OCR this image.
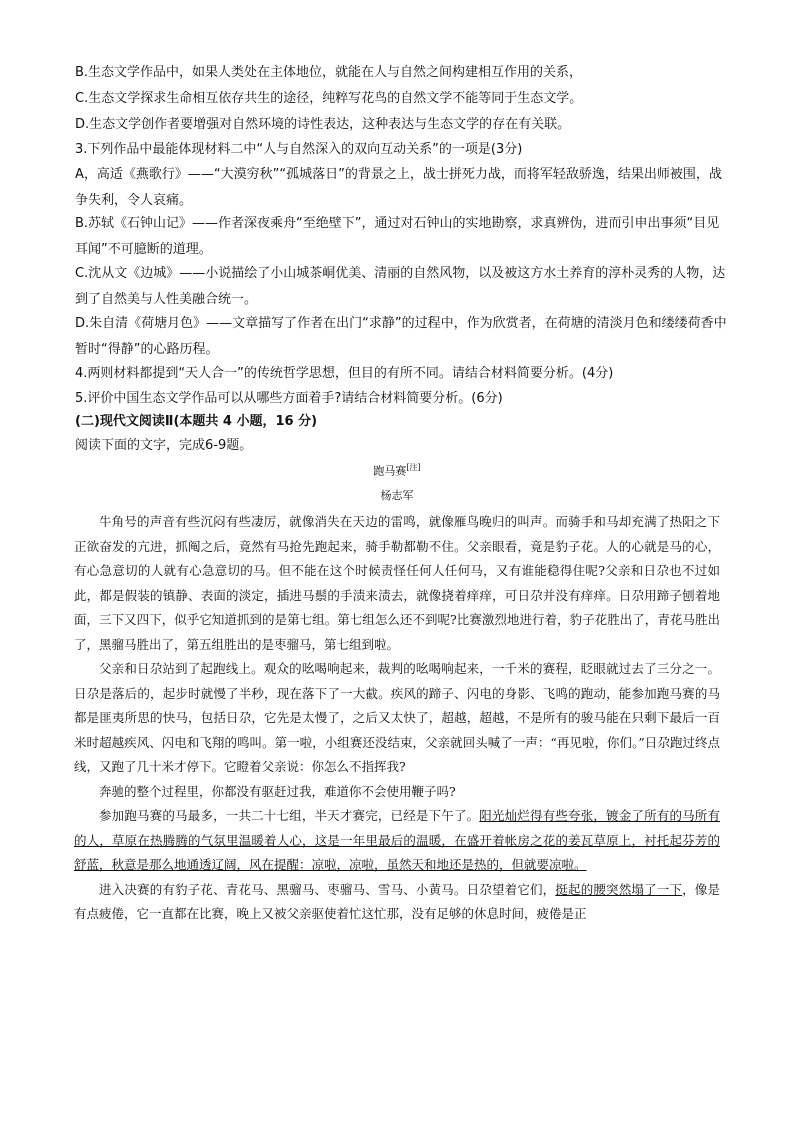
B.生态文学作品中，如果人类处在主体地位，就能在人与自然之间构建相互作用的关系，
C.生态文学探求生命相互依存共生的途径，纯粹写花鸟的自然文学不能等同于生态文学。
D.生态文学创作者要增强对自然环境的诗性表达，这种表达与生态文学的存在有关联。
3.下列作品中最能体现材料二中“人与自然深入的双向互动关系”的一项是(3分)
A，高适《燕歌行》——“大漠穷秋”“孤城落日”的背景之上，战士拼死力战，而将军轻敌骄逸，结果出师被围，战争失利，令人哀痛。
B.苏轼《石钟山记》——作者深夜乘舟“至绝壁下”，通过对石钟山的实地勘察，求真辨伪，进而引申出事须“目见耳闻”不可臆断的道理。
C.沈从文《边城》——小说描绘了小山城茶峒优美、清丽的自然风物，以及被这方水土养育的淳朴灵秀的人物，达到了自然美与人性美融合统一。
D.朱自清《荷塘月色》——文章描写了作者在出门“求静”的过程中，作为欣赏者，在荷塘的清淡月色和缕缕荷香中暂时“得静”的心路历程。
4.两则材料都提到“天人合一”的传统哲学思想，但目的有所不同。请结合材料简要分析。(4分)
5.评价中国生态文学作品可以从哪些方面着手?请结合材料简要分析。(6分)
(二)现代文阅读Ⅱ(本题共 4 小题，16 分)
阅读下面的文字，完成6-9题。
跑马赛[注]
杨志军

牛角号的声音有些沉闷有些凄厉，就像消失在天边的雷鸣，就像雁鸟晚归的叫声。而骑手和马却充满了热阳之下正欲奋发的亢进，抓阄之后，竟然有马抢先跑起来，骑手勒都勒不住。父亲眼看，竟是豹子花。人的心就是马的心，有心急意切的人就有心急意切的马。但不能在这个时候责怪任何人任何马，又有谁能稳得住呢?父亲和日尕也不过如此，都是假装的镇静、表面的淡定，插进马鬃的手渍来渍去，就像挠着痒痒，可日尕并没有痒痒。日尕用蹄子刨着地面，三下又四下，似乎它知道抓到的是第七组。第七组怎么还不到呢?比赛激烈地进行着，豹子花胜出了，青花马胜出了，黑骝马胜出了，第五组胜出的是枣骝马，第七组到啦。

父亲和日尕站到了起跑线上。观众的吆喝响起来，裁判的吆喝响起来，一千米的赛程，眨眼就过去了三分之一。日尕是落后的，起步时就慢了半秒，现在落下了一大截。疾风的蹄子、闪电的身影、飞鸣的跑动，能参加跑马赛的马都是匪夷所思的快马，包括日尕，它先是太慢了，之后又太快了，超越，超越，不是所有的骏马能在只剩下最后一百米时超越疾风、闪电和飞翔的鸣叫。第一啦，小组赛还没结束，父亲就回头喊了一声：“再见啦，你们。”日尕跑过终点线，又跑了几十米才停下。它瞪着父亲说：你怎么不指挥我?

奔驰的整个过程里，你都没有驱赶过我，难道你不会使用鞭子吗?

参加跑马赛的马最多，一共二十七组，半天才赛完，已经是下午了。阳光灿烂得有些夸张，镀金了所有的马所有的人，草原在热腾腾的气氛里温暖着人心，这是一年里最后的温暖，在盛开着帐房之花的姜瓦草原上，衬托起芬芳的舒蓝，秋意是那么地通透辽阔，风在提醒：凉啦，凉啦，虽然天和地还是热的，但就要凉啦。

进入决赛的有豹子花、青花马、黑骝马、枣骝马、雪马、小黄马。日尕望着它们，挺起的腰突然塌了一下，像是有点疲倦，它一直都在比赛，晚上又被父亲驱使着忙这忙那，没有足够的休息时间，疲倦是正
